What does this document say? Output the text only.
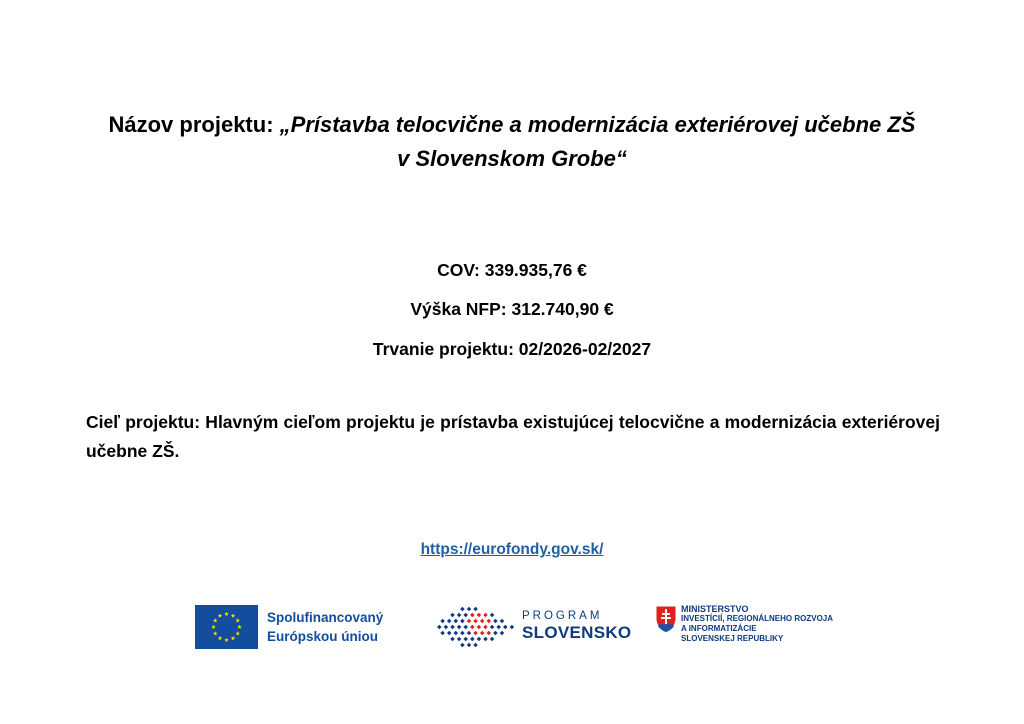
Názov projektu: „Prístavba telocvične a modernizácia exteriérovej učebne ZŠ
v Slovenskom Grobe“
COV: 339.935,76 €
Výška NFP: 312.740,90 €
Trvanie projektu: 02/2026-02/2027
Cieľ projektu: Hlavným cieľom projektu je prístavba existujúcej telocvične a modernizácia exteriérovej učebne ZŠ.
https://eurofondy.gov.sk/
Spolufinancovaný
Európskou úniou
PROGRAM
SLOVENSKO
MINISTERSTVO
INVESTÍCIÍ, REGIONÁLNEHO ROZVOJA
A INFORMATIZÁCIE
SLOVENSKEJ REPUBLIKY
